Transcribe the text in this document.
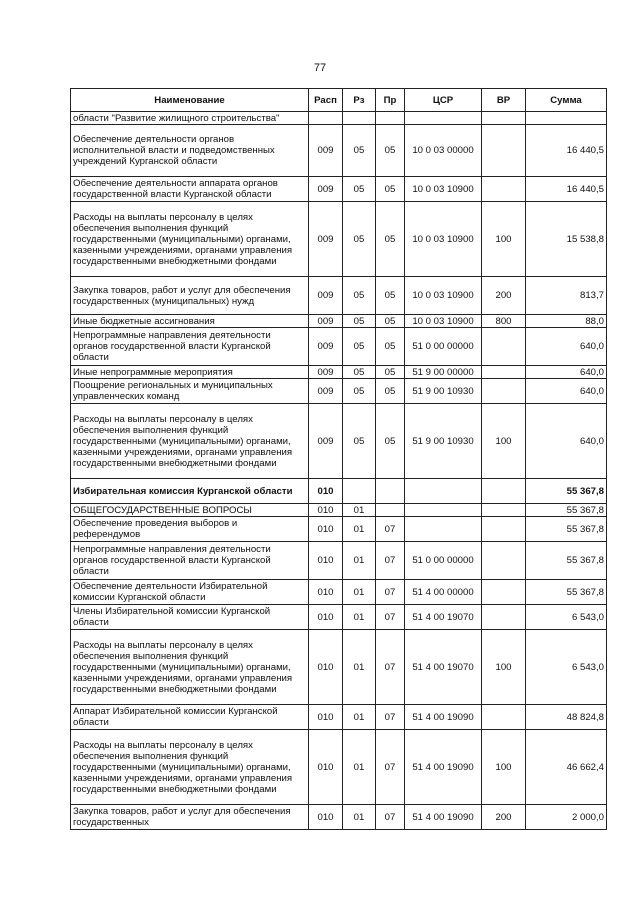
77
Наименование	Расп	Рз	Пр	ЦСР	ВР	Сумма
области "Развитие жилищного строительства"						
Обеспечение деятельности органов исполнительной власти и подведомственных учреждений Курганской области	009	05	05	10 0 03 00000		16 440,5
Обеспечение деятельности аппарата органов государственной власти Курганской области	009	05	05	10 0 03 10900		16 440,5
Расходы на выплаты персоналу в целях обеспечения выполнения функций государственными (муниципальными) органами, казенными учреждениями, органами управления государственными внебюджетными фондами	009	05	05	10 0 03 10900	100	15 538,8
Закупка товаров, работ и услуг для обеспечения государственных (муниципальных) нужд	009	05	05	10 0 03 10900	200	813,7
Иные бюджетные ассигнования	009	05	05	10 0 03 10900	800	88,0
Непрограммные направления деятельности органов государственной власти Курганской области	009	05	05	51 0 00 00000		640,0
Иные непрограммные мероприятия	009	05	05	51 9 00 00000		640,0
Поощрение региональных и муниципальных управленческих команд	009	05	05	51 9 00 10930		640,0
Расходы на выплаты персоналу в целях обеспечения выполнения функций государственными (муниципальными) органами, казенными учреждениями, органами управления государственными внебюджетными фондами	009	05	05	51 9 00 10930	100	640,0
Избирательная комиссия Курганской области	010					55 367,8
ОБЩЕГОСУДАРСТВЕННЫЕ ВОПРОСЫ	010	01				55 367,8
Обеспечение проведения выборов и референдумов	010	01	07			55 367,8
Непрограммные направления деятельности органов государственной власти Курганской области	010	01	07	51 0 00 00000		55 367,8
Обеспечение деятельности Избирательной комиссии Курганской области	010	01	07	51 4 00 00000		55 367,8
Члены Избирательной комиссии Курганской области	010	01	07	51 4 00 19070		6 543,0
Расходы на выплаты персоналу в целях обеспечения выполнения функций государственными (муниципальными) органами, казенными учреждениями, органами управления государственными внебюджетными фондами	010	01	07	51 4 00 19070	100	6 543,0
Аппарат Избирательной комиссии Курганской области	010	01	07	51 4 00 19090		48 824,8
Расходы на выплаты персоналу в целях обеспечения выполнения функций государственными (муниципальными) органами, казенными учреждениями, органами управления государственными внебюджетными фондами	010	01	07	51 4 00 19090	100	46 662,4
Закупка товаров, работ и услуг для обеспечения государственных	010	01	07	51 4 00 19090	200	2 000,0
